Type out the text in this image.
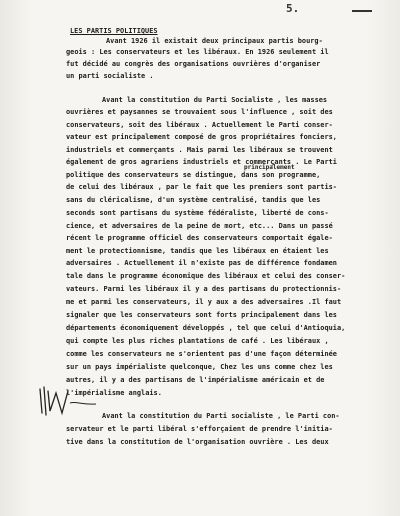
5.
LES PARTIS POLITIQUES
Avant 1926 il existait deux principaux partis bourg-
geois : Les conservateurs et les libéraux. En 1926 seulement il
fut décidé au congrès des organisations ouvrières d'organiser
un parti socialiste .
Avant la constitution du Parti Socialiste , les masses
ouvrières et paysannes se trouvaient sous l'influence , soit des
conservateurs, soit des libéraux . Actuellement le Parti conser-
vateur est principalement composé de gros propriétaires fonciers,
industriels et commerçants . Mais parmi les libéraux se trouvent
également de gros agrariens industriels et commerçants . Le Parti
principalement
politique des conservateurs se distingue, dans son programme,
de celui des libéraux , par le fait que les premiers sont partis-
sans du cléricalisme, d'un système centralisé, tandis que les
seconds sont partisans du système fédéraliste, liberté de cons-
cience, et adversaires de la peine de mort, etc... Dans un passé
récent le programme officiel des conservateurs comportait égale-
ment le protectionnisme, tandis que les libéraux en étaient les
adversaires . Actuellement il n'existe pas de différence fondamen
tale dans le programme économique des libéraux et celui des conser-
vateurs. Parmi les libéraux il y a des partisans du protectionnis-
me et parmi les conservateurs, il y aux a des adversaires .Il faut
signaler que les conservateurs sont forts principalement dans les
départements économiquement développés , tel que celui d'Antioquia,
qui compte les plus riches plantations de café . Les libéraux ,
comme les conservateurs ne s'orientent pas d'une façon déterminée
sur un pays impérialiste quelconque, Chez les uns comme chez les
autres, il y a des partisans de l'impérialisme américain et de
l'impérialisme anglais.
Avant la constitution du Parti socialiste , le Parti con-
servateur et le parti libéral s'efforçaient de prendre l'initia-
tive dans la constitution de l'organisation ouvrière . Les deux
